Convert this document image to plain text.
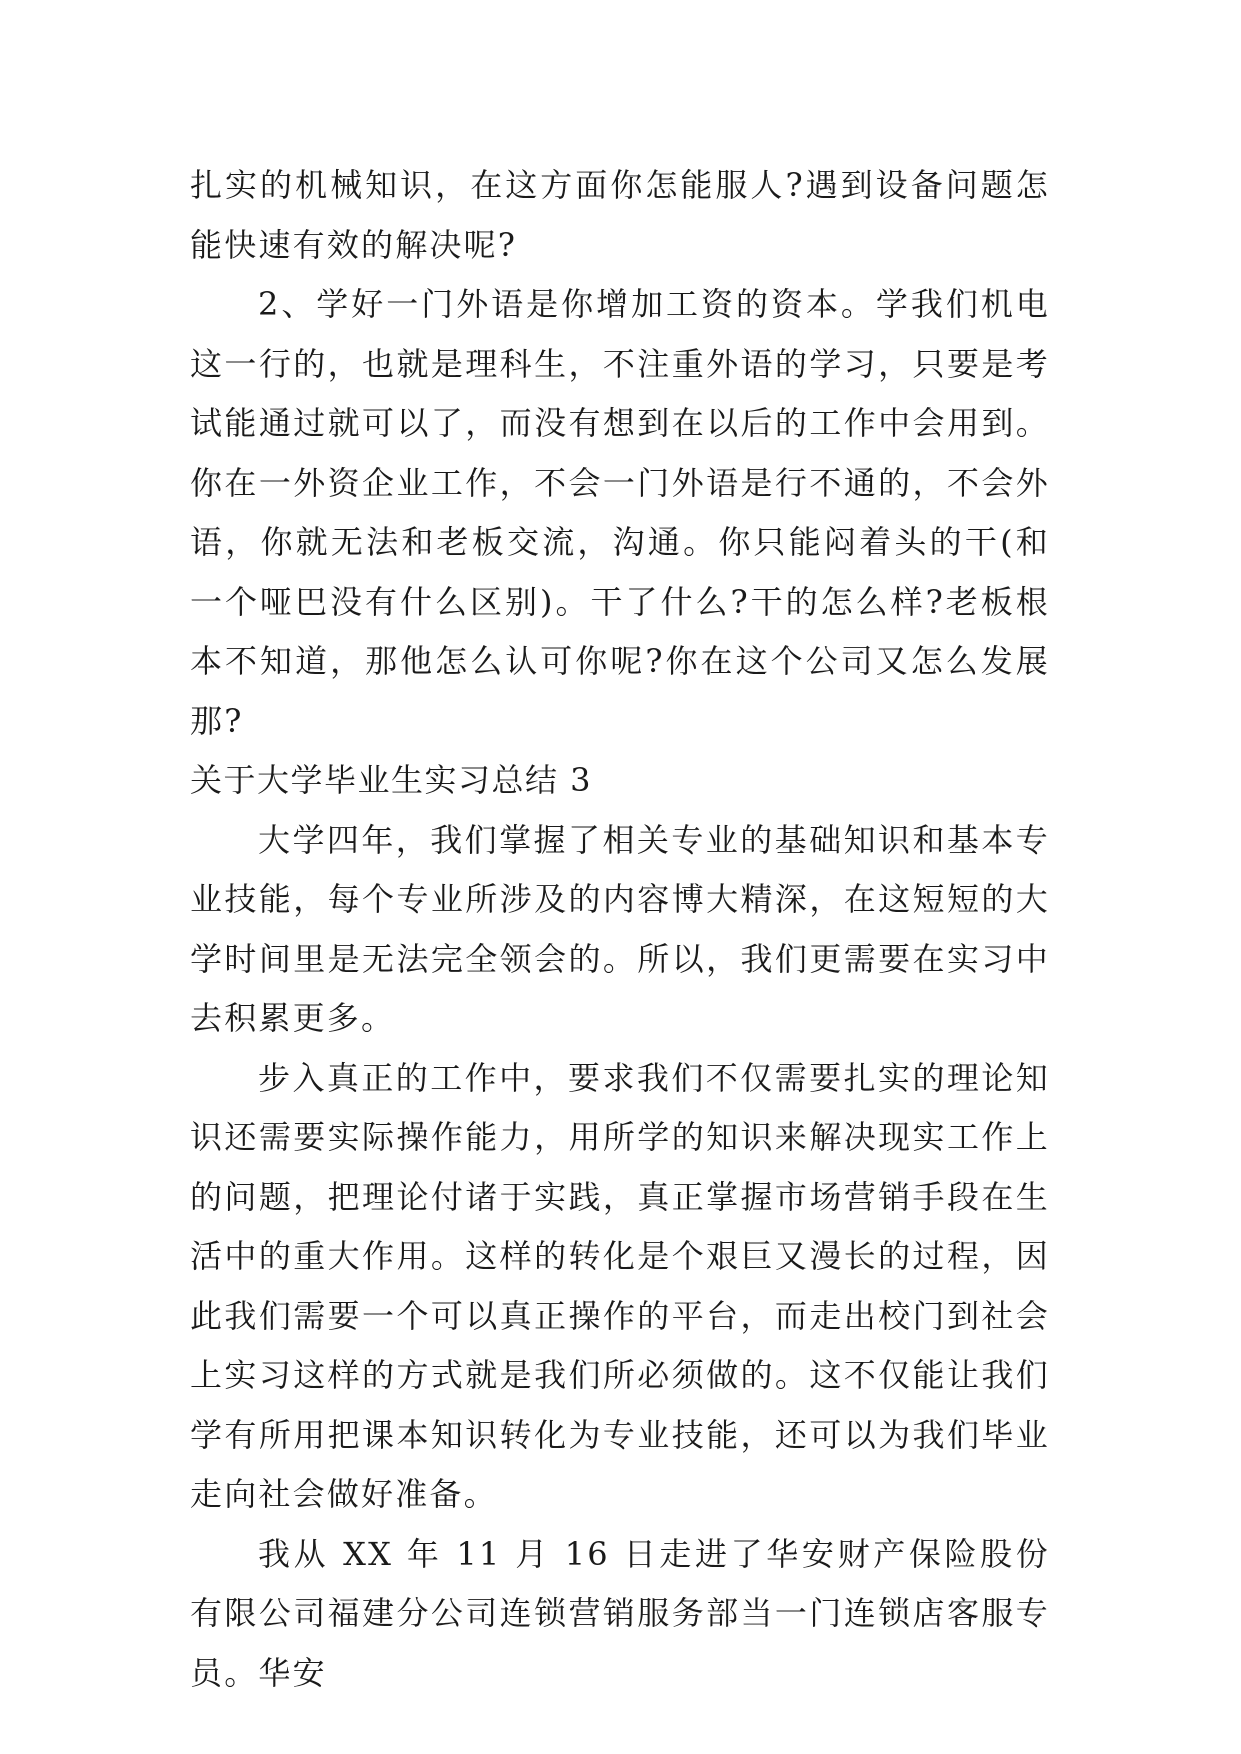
扎实的机械知识，在这方面你怎能服人?遇到设备问题怎能快速有效的解决呢?

2、学好一门外语是你增加工资的资本。学我们机电这一行的，也就是理科生，不注重外语的学习，只要是考试能通过就可以了，而没有想到在以后的工作中会用到。你在一外资企业工作，不会一门外语是行不通的，不会外语，你就无法和老板交流，沟通。你只能闷着头的干(和一个哑巴没有什么区别)。干了什么?干的怎么样?老板根本不知道，那他怎么认可你呢?你在这个公司又怎么发展那?

关于大学毕业生实习总结 3

大学四年，我们掌握了相关专业的基础知识和基本专业技能，每个专业所涉及的内容博大精深，在这短短的大学时间里是无法完全领会的。所以，我们更需要在实习中去积累更多。

步入真正的工作中，要求我们不仅需要扎实的理论知识还需要实际操作能力，用所学的知识来解决现实工作上的问题，把理论付诸于实践，真正掌握市场营销手段在生活中的重大作用。这样的转化是个艰巨又漫长的过程，因此我们需要一个可以真正操作的平台，而走出校门到社会上实习这样的方式就是我们所必须做的。这不仅能让我们学有所用把课本知识转化为专业技能，还可以为我们毕业走向社会做好准备。

我从 XX 年 11 月 16 日走进了华安财产保险股份有限公司福建分公司连锁营销服务部当一门连锁店客服专员。华安
